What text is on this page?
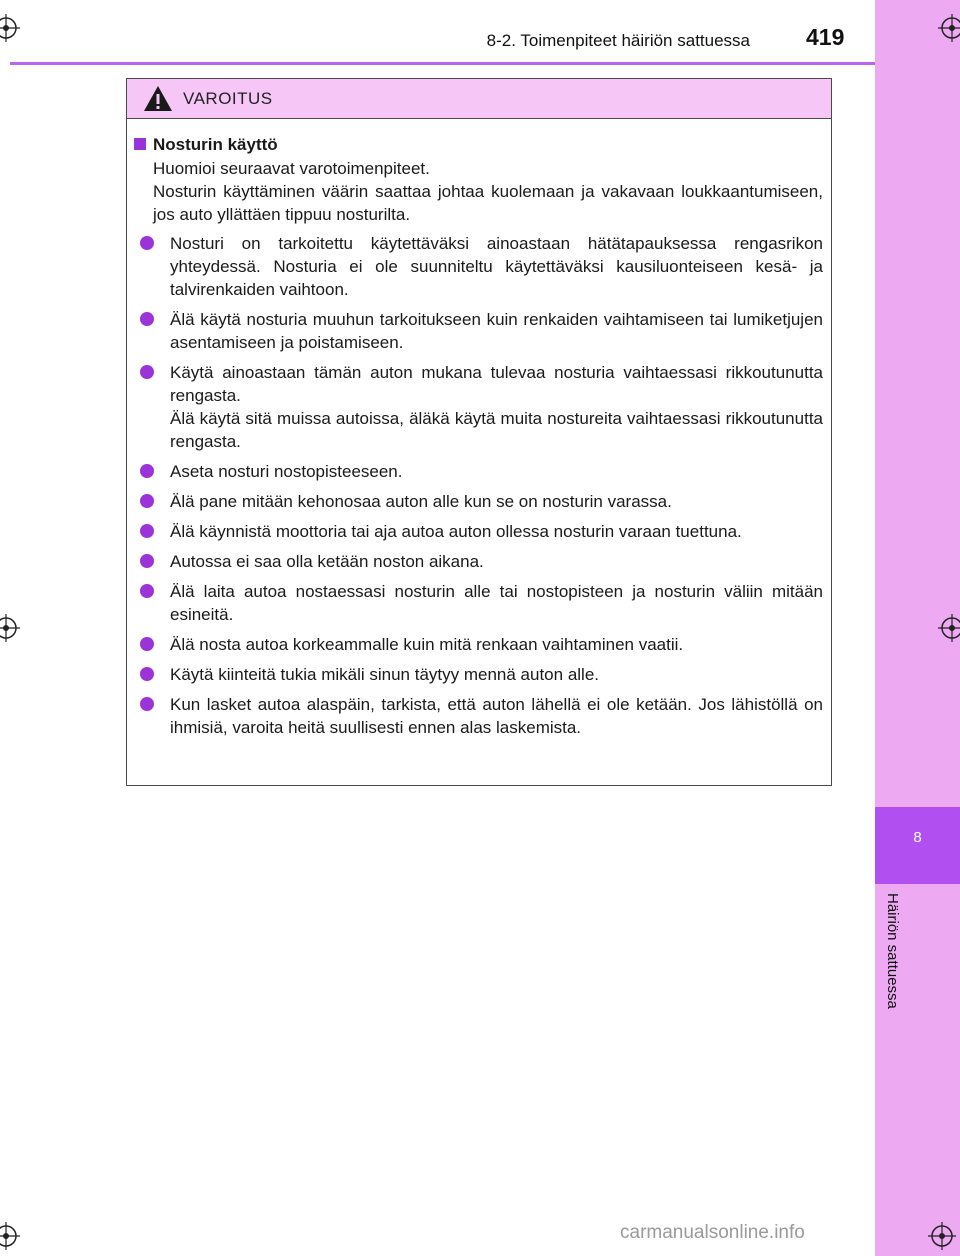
8
Häiriön sattuessa
8-2. Toimenpiteet häiriön sattuessa 419
VAROITUS
Nosturin käyttö

Huomioi seuraavat varotoimenpiteet.

Nosturin käyttäminen väärin saattaa johtaa kuolemaan ja vakavaan loukkaantumiseen, jos auto yllättäen tippuu nosturilta.

Nosturi on tarkoitettu käytettäväksi ainoastaan hätätapauksessa rengasrikon yhteydessä. Nosturia ei ole suunniteltu käytettäväksi kausiluonteiseen kesä- ja talvirenkaiden vaihtoon.
Älä käytä nosturia muuhun tarkoitukseen kuin renkaiden vaihtamiseen tai lumiketjujen asentamiseen ja poistamiseen.
Käytä ainoastaan tämän auton mukana tulevaa nosturia vaihtaessasi rikkoutunutta rengasta.
Älä käytä sitä muissa autoissa, äläkä käytä muita nostureita vaihtaessasi rikkoutunutta rengasta.
Aseta nosturi nostopisteeseen.
Älä pane mitään kehonosaa auton alle kun se on nosturin varassa.
Älä käynnistä moottoria tai aja autoa auton ollessa nosturin varaan tuettuna.
Autossa ei saa olla ketään noston aikana.
Älä laita autoa nostaessasi nosturin alle tai nostopisteen ja nosturin väliin mitään esineitä.
Älä nosta autoa korkeammalle kuin mitä renkaan vaihtaminen vaatii.
Käytä kiinteitä tukia mikäli sinun täytyy mennä auton alle.
Kun lasket autoa alaspäin, tarkista, että auton lähellä ei ole ketään. Jos lähistöllä on ihmisiä, varoita heitä suullisesti ennen alas laskemista.
carmanualsonline.info
